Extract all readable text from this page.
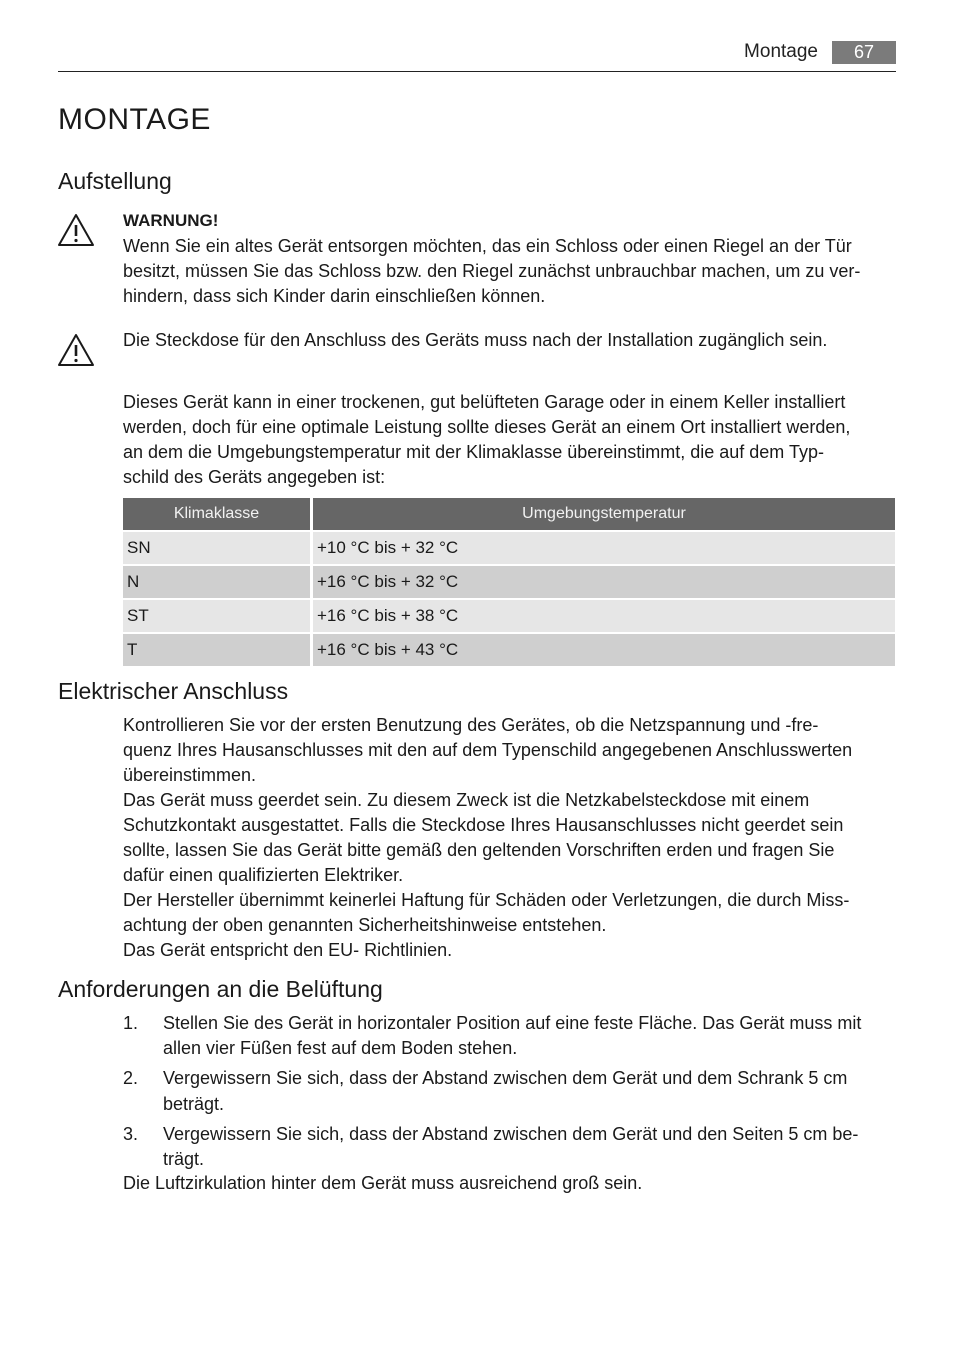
Montage	67
MONTAGE
Aufstellung
WARNUNG!
Wenn Sie ein altes Gerät entsorgen möchten, das ein Schloss oder einen Riegel an der Tür
besitzt, müssen Sie das Schloss bzw. den Riegel zunächst unbrauchbar machen, um zu ver-
hindern, dass sich Kinder darin einschließen können.
Die Steckdose für den Anschluss des Geräts muss nach der Installation zugänglich sein.
Dieses Gerät kann in einer trockenen, gut belüfteten Garage oder in einem Keller installiert
werden, doch für eine optimale Leistung sollte dieses Gerät an einem Ort installiert werden,
an dem die Umgebungstemperatur mit der Klimaklasse übereinstimmt, die auf dem Typ-
schild des Geräts angegeben ist:
Klimaklasse	Umgebungstemperatur
SN	+10 °C bis + 32 °C
N	+16 °C bis + 32 °C
ST	+16 °C bis + 38 °C
T	+16 °C bis + 43 °C
Elektrischer Anschluss
Kontrollieren Sie vor der ersten Benutzung des Gerätes, ob die Netzspannung und -fre-
quenz Ihres Hausanschlusses mit den auf dem Typenschild angegebenen Anschlusswerten
übereinstimmen.
Das Gerät muss geerdet sein. Zu diesem Zweck ist die Netzkabelsteckdose mit einem
Schutzkontakt ausgestattet. Falls die Steckdose Ihres Hausanschlusses nicht geerdet sein
sollte, lassen Sie das Gerät bitte gemäß den geltenden Vorschriften erden und fragen Sie
dafür einen qualifizierten Elektriker.
Der Hersteller übernimmt keinerlei Haftung für Schäden oder Verletzungen, die durch Miss-
achtung der oben genannten Sicherheitshinweise entstehen.
Das Gerät entspricht den EU- Richtlinien.
Anforderungen an die Belüftung
1. Stellen Sie des Gerät in horizontaler Position auf eine feste Fläche. Das Gerät muss mit
allen vier Füßen fest auf dem Boden stehen.
2. Vergewissern Sie sich, dass der Abstand zwischen dem Gerät und dem Schrank 5 cm
beträgt.
3. Vergewissern Sie sich, dass der Abstand zwischen dem Gerät und den Seiten 5 cm be-
trägt.
Die Luftzirkulation hinter dem Gerät muss ausreichend groß sein.
